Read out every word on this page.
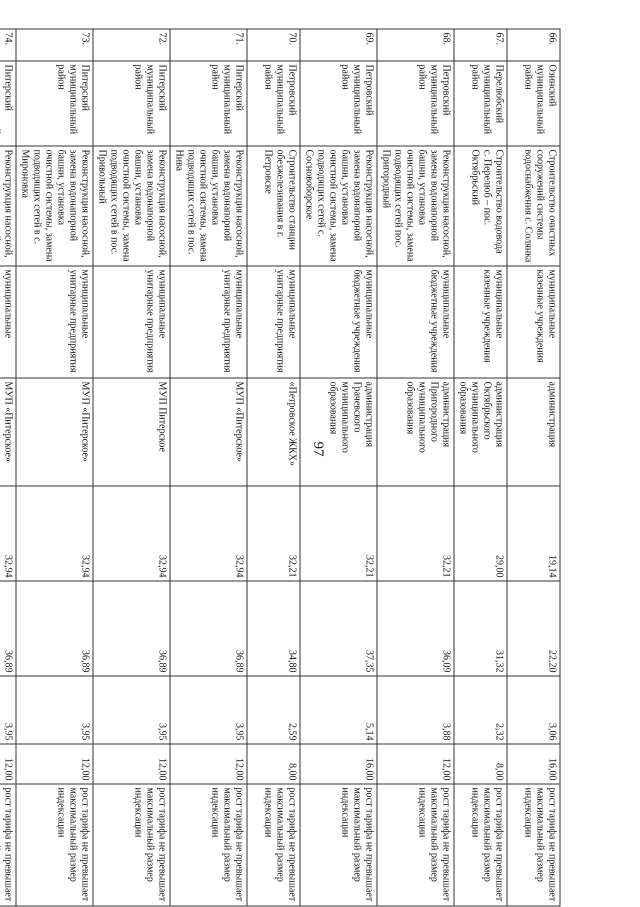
97
66.	Озинский муниципальный район	Строительство очистных сооружений системы водоснабжения с. Солянка	муниципальные казенные учреждения	администрация	19,14	22,20	3,06	16,00	рост тарифа не превышает максимальный размер индексации
67.	Перелюбский муниципальный район	Строительство водовода с. Перелюб – пос. Октябрьский	муниципальные казенные учреждения	администрация Октябрьского муниципального образования	29,00	31,32	2,32	8,00	рост тарифа не превышает максимальный размер индексации
68.	Петровский муниципальный район	Реконструкция насосной, замена водонапорной башни, установка очистной системы, замена подводящих сетей пос. Пригородный	муниципальные бюджетные учреждения	администрация Пригородного муниципального образования	32,21	36,09	3,88	12,00	рост тарифа не превышает максимальный размер индексации
69.	Петровский муниципальный район	Реконструкция насосной, замена водонапорной башни, установка очистной системы, замена подводящих сетей с. Сосновоборское	муниципальные бюджетные учреждения	администрация Грачевского муниципального образования	32,21	37,35	5,14	16,00	рост тарифа не превышает максимальный размер индексации
70.	Петровский муниципальный район	Строительство станции обезжелезивания в г. Петровске	муниципальные унитарные предприятия	«Петровское ЖКХ»	32,21	34,80	2,59	8,00	рост тарифа не превышает максимальный размер индексации
71.	Питерский муниципальный район	Реконструкция насосной, замена водонапорной башни, установка очистной системы, замена подводящих сетей в пос. Нива	муниципальные унитарные предприятия	МУП «Питерское»	32,94	36,89	3,95	12,00	рост тарифа не превышает максимальный размер индексации
72.	Питерский муниципальный район	Реконструкция насосной, замена водонапорной башни, установка очистной системы, замена подводящих сетей в пос. Привольный	муниципальные унитарные предприятия	МУП Питерское	32,94	36,89	3,95	12,00	рост тарифа не превышает максимальный размер индексации
73.	Питерский муниципальный район	Реконструкция насосной, замена водонапорной башни, установка очистной системы, замена подводящих сетей в с. Мироновка	муниципальные унитарные предприятия	МУП «Питерское»	32,94	36,89	3,95	12,00	рост тарифа не превышает максимальный размер индексации
74.	Питерский	Реконструкция насосной,	муниципальные	МУП «Питерское»	32,94	36,89	3,95	12,00	рост тарифа не превышает
